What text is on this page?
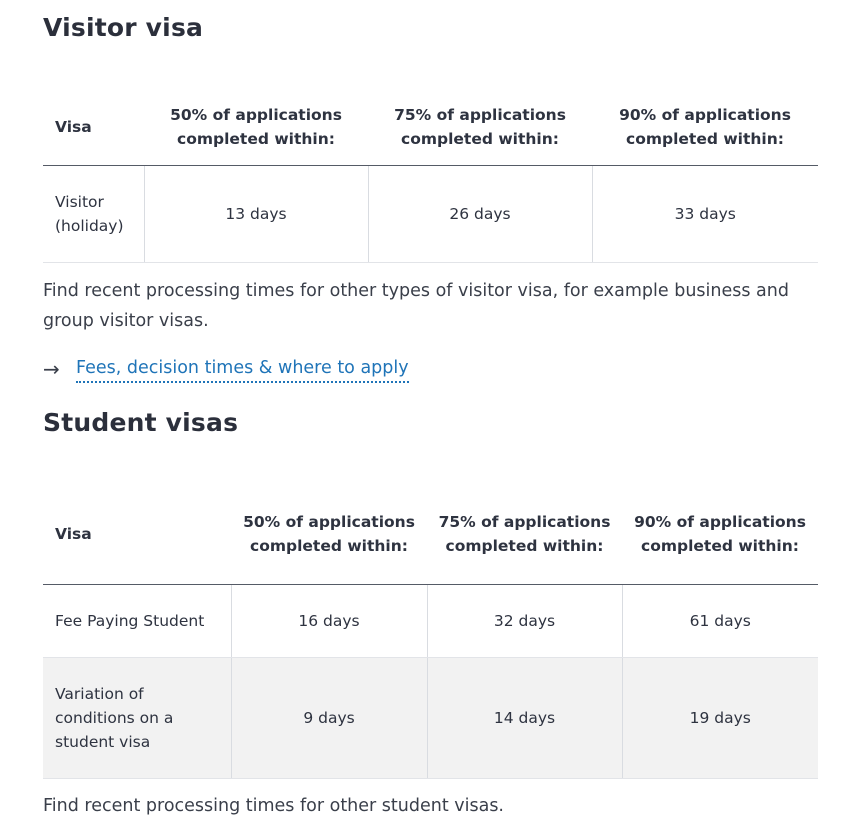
Visitor visa
Visa	50% of applications completed within:	75% of applications completed within:	90% of applications completed within:
Visitor (holiday)	13 days	26 days	33 days

Find recent processing times for other types of visitor visa, for example business and group visitor visas.

→ Fees, decision times & where to apply
Student visas
Visa	50% of applications completed within:	75% of applications completed within:	90% of applications completed within:
Fee Paying Student	16 days	32 days	61 days
Variation of conditions on a student visa	9 days	14 days	19 days

Find recent processing times for other student visas.
